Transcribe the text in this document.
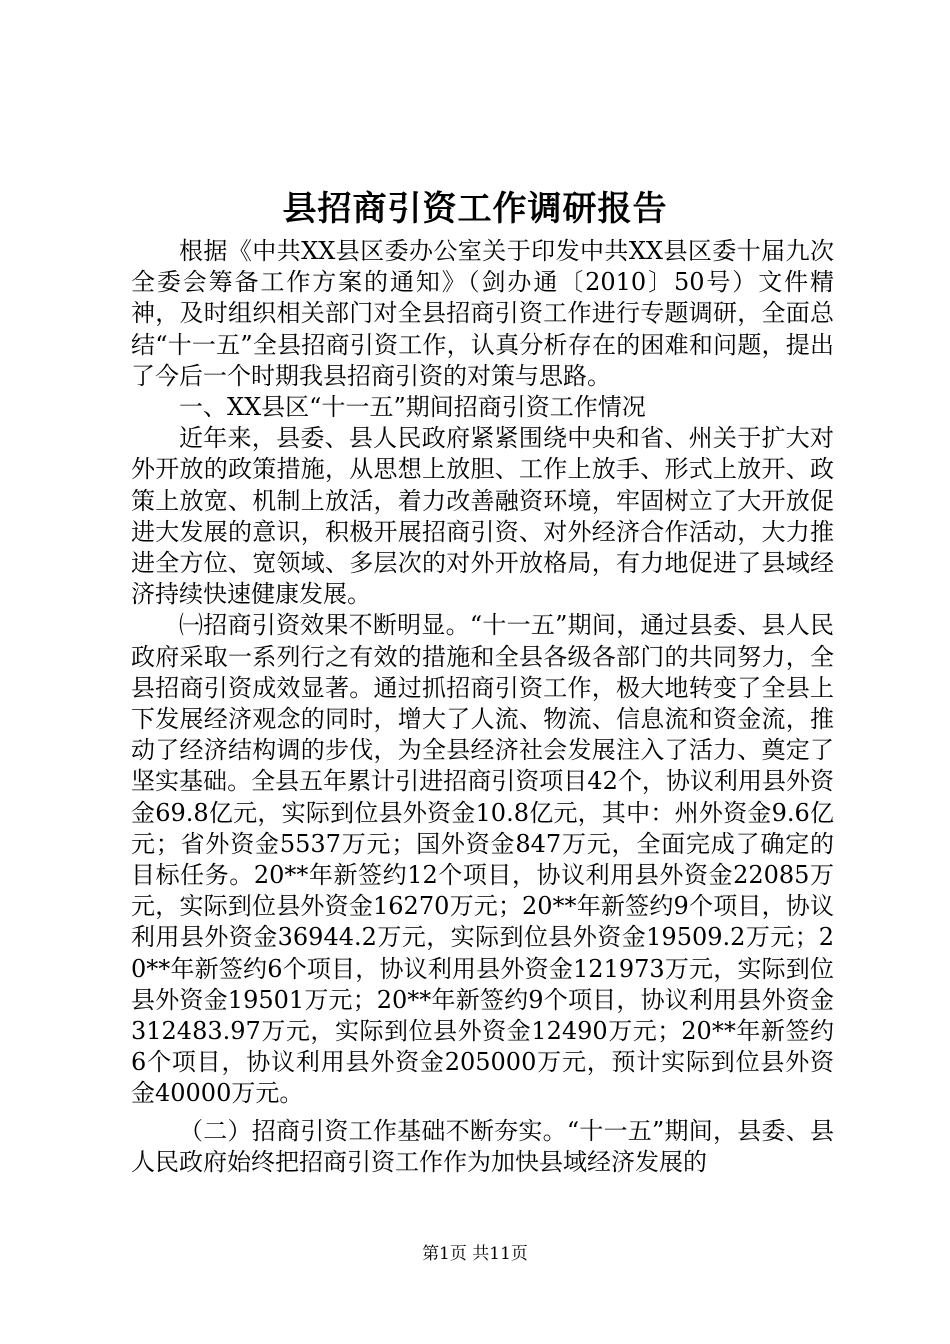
县招商引资工作调研报告

根据《中共XX县区委办公室关于印发中共XX县区委十届九次全委会筹备工作方案的通知》（剑办通〔2010〕50号）文件精神，及时组织相关部门对全县招商引资工作进行专题调研，全面总结“十一五”全县招商引资工作，认真分析存在的困难和问题，提出了今后一个时期我县招商引资的对策与思路。

一、XX县区“十一五”期间招商引资工作情况

近年来，县委、县人民政府紧紧围绕中央和省、州关于扩大对外开放的政策措施，从思想上放胆、工作上放手、形式上放开、政策上放宽、机制上放活，着力改善融资环境，牢固树立了大开放促进大发展的意识，积极开展招商引资、对外经济合作活动，大力推进全方位、宽领域、多层次的对外开放格局，有力地促进了县域经济持续快速健康发展。

㈠招商引资效果不断明显。“十一五”期间，通过县委、县人民政府采取一系列行之有效的措施和全县各级各部门的共同努力，全县招商引资成效显著。通过抓招商引资工作，极大地转变了全县上下发展经济观念的同时，增大了人流、物流、信息流和资金流，推动了经济结构调的步伐，为全县经济社会发展注入了活力、奠定了坚实基础。全县五年累计引进招商引资项目42个，协议利用县外资金69.8亿元，实际到位县外资金10.8亿元，其中：州外资金9.6亿元；省外资金5537万元；国外资金847万元，全面完成了确定的目标任务。20**年新签约12个项目，协议利用县外资金22085万元，实际到位县外资金16270万元；20**年新签约9个项目，协议利用县外资金36944.2万元，实际到位县外资金19509.2万元；20**年新签约6个项目，协议利用县外资金121973万元，实际到位县外资金19501万元；20**年新签约9个项目，协议利用县外资金312483.97万元，实际到位县外资金12490万元；20**年新签约6个项目，协议利用县外资金205000万元，预计实际到位县外资金40000万元。

（二）招商引资工作基础不断夯实。“十一五”期间，县委、县人民政府始终把招商引资工作作为加快县域经济发展的

第1页 共11页
